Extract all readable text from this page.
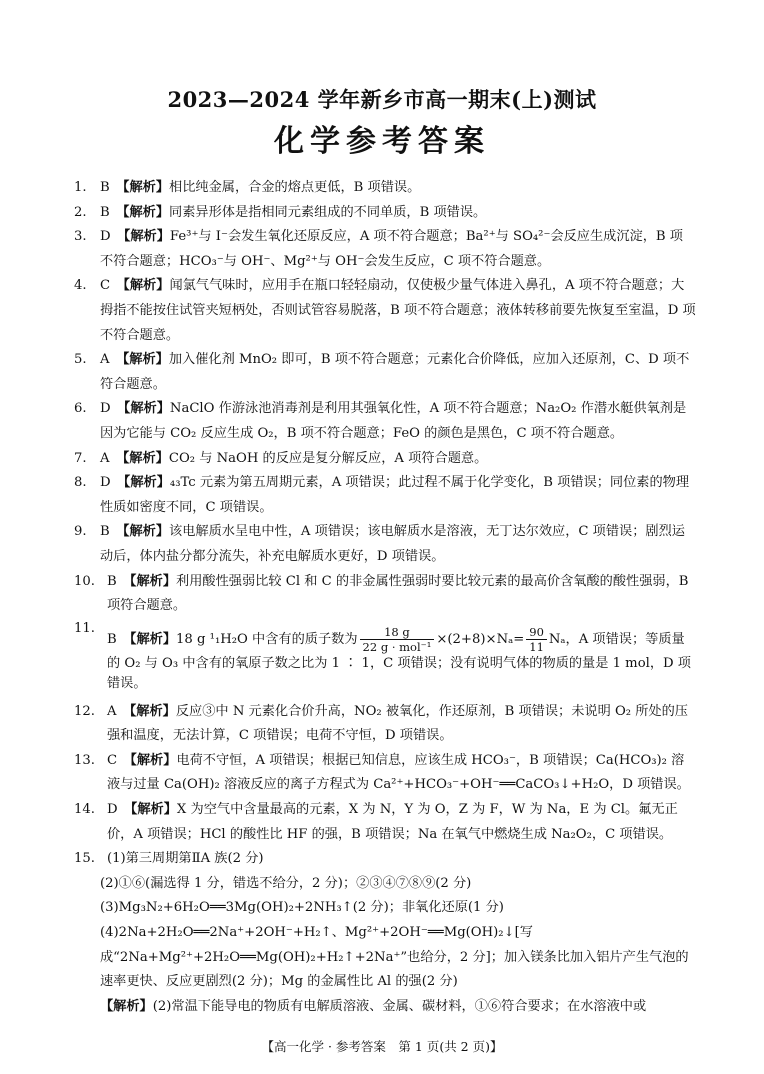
2023—2024 学年新乡市高一期末(上)测试
化学参考答案
1. B　 【解析】相比纯金属，合金的熔点更低，B 项错误。
2. B　 【解析】同素异形体是指相同元素组成的不同单质，B 项错误。
3. D　 【解析】Fe³⁺与 I⁻会发生氧化还原反应，A 项不符合题意；Ba²⁺与 SO₄²⁻会反应生成沉淀，B 项不符合题意；HCO₃⁻与 OH⁻、Mg²⁺与 OH⁻会发生反应，C 项不符合题意。
4. C　 【解析】闻氯气气味时，应用手在瓶口轻轻扇动，仅使极少量气体进入鼻孔，A 项不符合题意；大拇指不能按住试管夹短柄处，否则试管容易脱落，B 项不符合题意；液体转移前要先恢复至室温，D 项不符合题意。
5. A　 【解析】加入催化剂 MnO₂ 即可，B 项不符合题意；元素化合价降低，应加入还原剂，C、D 项不符合题意。
6. D　 【解析】NaClO 作游泳池消毒剂是利用其强氧化性，A 项不符合题意；Na₂O₂ 作潜水艇供氧剂是因为它能与 CO₂ 反应生成 O₂，B 项不符合题意；FeO 的颜色是黑色，C 项不符合题意。
7. A　 【解析】CO₂ 与 NaOH 的反应是复分解反应，A 项符合题意。
8. D　 【解析】₄₃Tc 元素为第五周期元素，A 项错误；此过程不属于化学变化，B 项错误；同位素的物理性质如密度不同，C 项错误。
9. B　 【解析】该电解质水呈电中性，A 项错误；该电解质水是溶液，无丁达尔效应，C 项错误；剧烈运动后，体内盐分都分流失，补充电解质水更好，D 项错误。
10. B　 【解析】利用酸性强弱比较 Cl 和 C 的非金属性强弱时要比较元素的最高价含氧酸的酸性强弱，B 项符合题意。
11.
B　 【解析】18 g ¹₁H₂O 中含有的质子数为 $\frac{18 g}{\text{22 g · mol⁻¹}} \times(2+8)\times N_a= \frac{90}{11}$ Nₐ，A 项错误；等质量的 O₂ 与 O₃ 中含有的氧原子数之比为 1 ∶ 1，C 项错误；没有说明气体的物质的量是 1 mol，D 项错误。
12. A　 【解析】反应③中 N 元素化合价升高，NO₂ 被氧化，作还原剂，B 项错误；未说明 O₂ 所处的压强和温度，无法计算，C 项错误；电荷不守恒，D 项错误。
13. C　 【解析】电荷不守恒，A 项错误；根据已知信息，应该生成 HCO₃⁻，B 项错误；Ca(HCO₃)₂ 溶液与过量 Ca(OH)₂ 溶液反应的离子方程式为 Ca²⁺+HCO₃⁻+OH⁻══CaCO₃↓+H₂O，D 项错误。
14. D　 【解析】X 为空气中含量最高的元素，X 为 N，Y 为 O，Z 为 F，W 为 Na，E 为 Cl。氟无正价，A 项错误；HCl 的酸性比 HF 的强，B 项错误；Na 在氧气中燃烧生成 Na₂O₂，C 项错误。
15. (1)第三周期第ⅡA 族(2 分)
(2)①⑥(漏选得 1 分，错选不给分，2 分)；②③④⑦⑧⑨(2 分)
(3)Mg₃N₂+6H₂O══3Mg(OH)₂+2NH₃↑(2 分)；非氧化还原(1 分)
(4)2Na+2H₂O══2Na⁺+2OH⁻+H₂↑、Mg²⁺+2OH⁻══Mg(OH)₂↓[写成“2Na+Mg²⁺+2H₂O══Mg(OH)₂+H₂↑+2Na⁺”也给分，2 分]；加入镁条比加入铝片产生气泡的速率更快、反应更剧烈(2 分)；Mg 的金属性比 Al 的强(2 分)
【解析】(2)常温下能导电的物质有电解质溶液、金属、碳材料，①⑥符合要求；在水溶液中或
【高一化学 · 参考答案　第 1 页(共 2 页)】
